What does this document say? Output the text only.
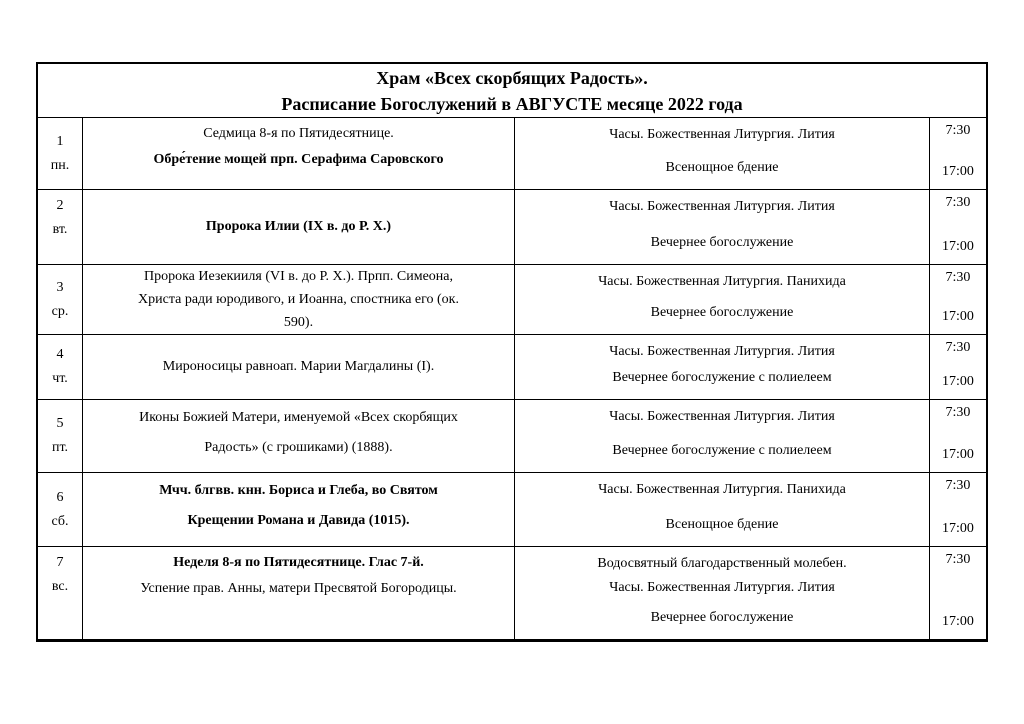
Храм «Всех скорбящих Радость».
Расписание Богослужений в АВГУСТЕ месяце 2022 года
1
пн.
Седмица 8-я по Пятидесятнице.
Обре́тение мощей прп. Серафима Саровского
Часы. Божественная Литургия. Лития
Всенощное бдение
7:30
17:00
2
вт.	Пророка Илии (IX в. до Р. Х.)
Часы. Божественная Литургия. Лития
Вечернее богослужение
7:30
17:00
3
ср.
Пророка Иезекииля (VI в. до Р. Х.). Прпп. Симеона,
Христа ради юродивого, и Иоанна, спостника его (ок.
590).
Часы. Божественная Литургия. Панихида
Вечернее богослужение
7:30
17:00
4
чт.
Мироносицы равноап. Марии Магдалины (I).
Часы. Божественная Литургия. Лития
Вечернее богослужение с полиелеем
7:30
17:00
5
пт.
Иконы Божией Матери, именуемой «Всех скорбящих
Радость» (с грошиками) (1888).
Часы. Божественная Литургия. Лития
Вечернее богослужение с полиелеем
7:30
17:00
6
сб.
Мчч. блгвв. кнн. Бориса и Глеба, во Святом
Крещении Романа и Давида (1015).
Часы. Божественная Литургия. Панихида
Всенощное бдение
7:30
17:00
7
вс.
Неделя 8-я по Пятидесятнице. Глас 7-й.
Успение прав. Анны, матери Пресвятой Богородицы.
Водосвятный благодарственный молебен.
Часы. Божественная Литургия. Лития
Вечернее богослужение
7:30
17:00
